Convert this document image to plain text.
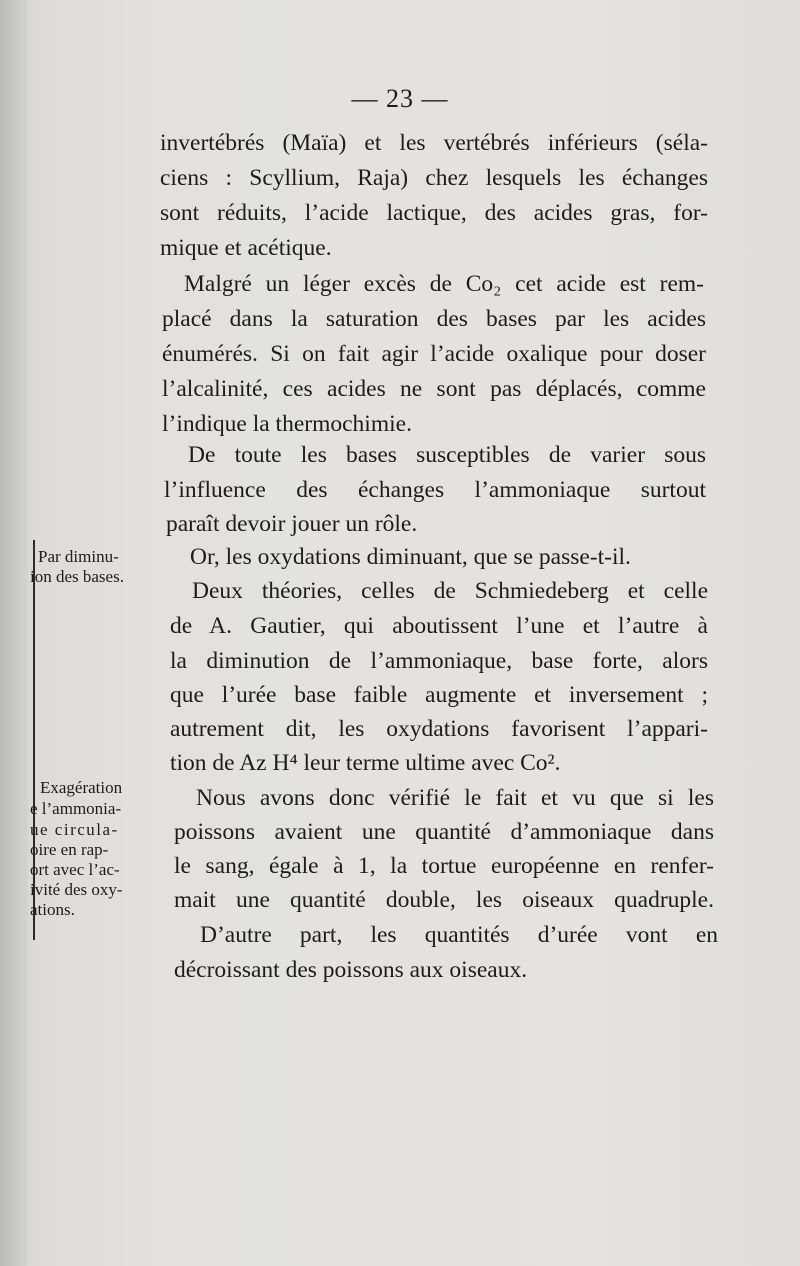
— 23 —
invertébrés (Maïa) et les vertébrés inférieurs (séla-
ciens : Scyllium, Raja) chez lesquels les échanges
sont réduits, l’acide lactique, des acides gras, for-
mique et acétique.
Malgré un léger excès de Co₂ cet acide est rem-
placé dans la saturation des bases par les acides
énumérés. Si on fait agir l’acide oxalique pour doser
l’alcalinité, ces acides ne sont pas déplacés, comme
l’indique la thermochimie.
De toute les bases susceptibles de varier sous
l’influence des échanges l’ammoniaque surtout
paraît devoir jouer un rôle.
Or, les oxydations diminuant, que se passe-t-il.
Deux théories, celles de Schmiedeberg et celle
de A. Gautier, qui aboutissent l’une et l’autre à
la diminution de l’ammoniaque, base forte, alors
que l’urée base faible augmente et inversement ;
autrement dit, les oxydations favorisent l’appari-
tion de Az H⁴ leur terme ultime avec Co².
Nous avons donc vérifié le fait et vu que si les
poissons avaient une quantité d’ammoniaque dans
le sang, égale à 1, la tortue européenne en renfer-
mait une quantité double, les oiseaux quadruple.
D’autre part, les quantités d’urée vont en
décroissant des poissons aux oiseaux.
Par diminu-
ion des bases.
Exagération
e l’ammonia-
ue circula-
oire en rap-
ort avec l’ac-
ivité des oxy-
ations.
